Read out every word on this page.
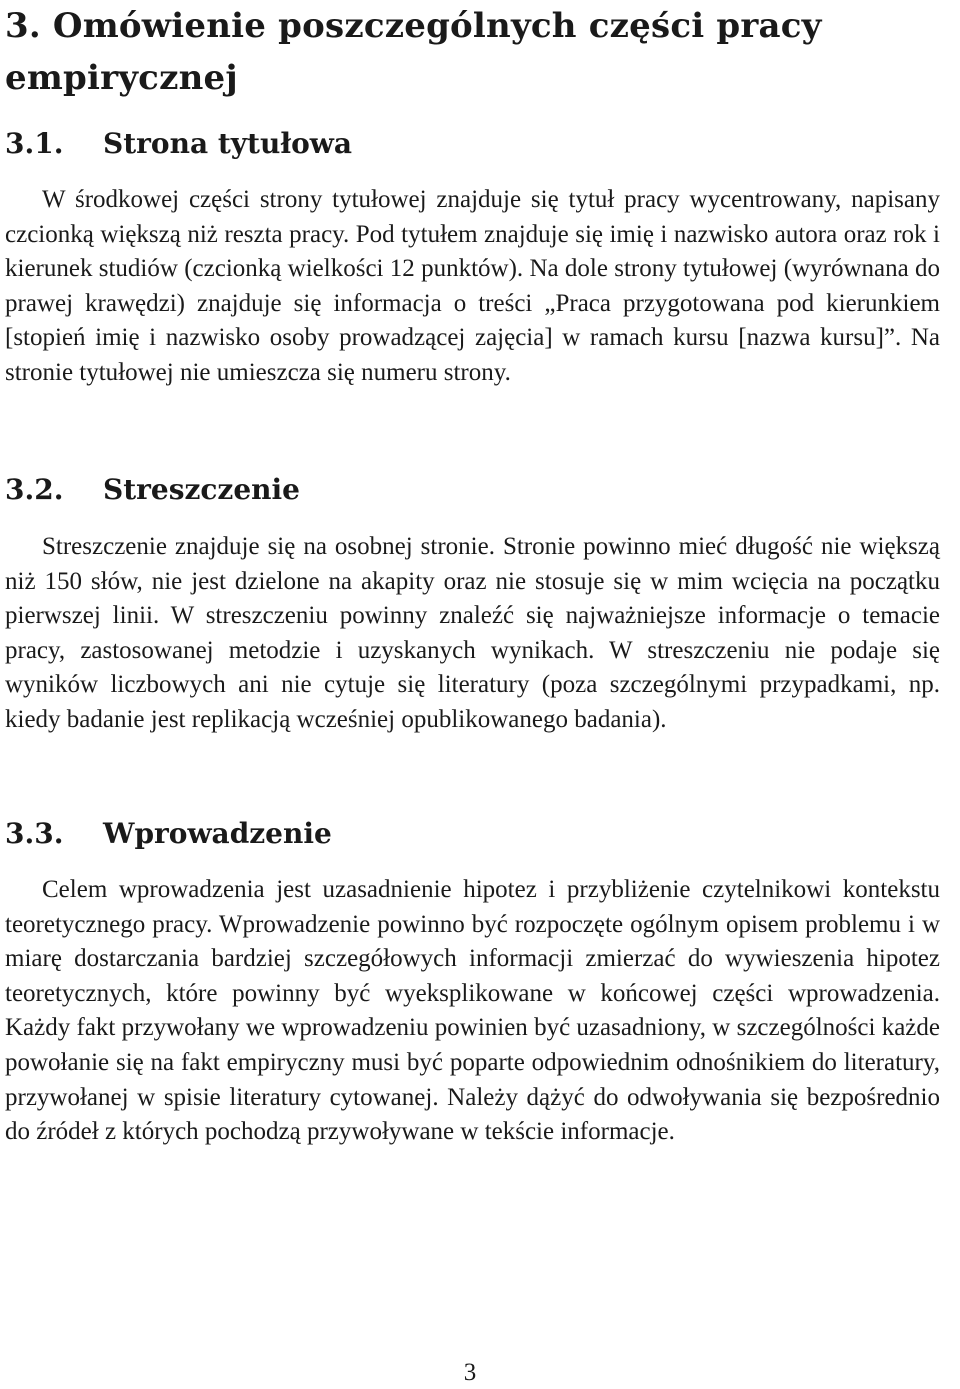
3. Omówienie poszczególnych części pracy empirycznej
3.1. Strona tytułowa

W środkowej części strony tytułowej znajduje się tytuł pracy wycentrowany, napisany czcionką większą niż reszta pracy. Pod tytułem znajduje się imię i nazwisko autora oraz rok i kierunek studiów (czcionką wielkości 12 punktów). Na dole strony tytułowej (wyrównana do prawej krawędzi) znajduje się informacja o treści „Praca przygotowana pod kierunkiem [stopień imię i nazwisko osoby prowadzącej zajęcia] w ramach kursu [nazwa kursu]”. Na stronie tytułowej nie umieszcza się numeru strony.

3.2. Streszczenie

Streszczenie znajduje się na osobnej stronie. Stronie powinno mieć długość nie większą niż 150 słów, nie jest dzielone na akapity oraz nie stosuje się w mim wcięcia na początku pierwszej linii. W streszczeniu powinny znaleźć się najważniejsze informacje o temacie pracy, zastosowanej metodzie i uzyskanych wynikach. W streszczeniu nie podaje się wyników liczbowych ani nie cytuje się literatury (poza szczególnymi przypadkami, np. kiedy badanie jest replikacją wcześniej opublikowanego badania).

3.3. Wprowadzenie

Celem wprowadzenia jest uzasadnienie hipotez i przybliżenie czytelnikowi kontekstu teoretycznego pracy. Wprowadzenie powinno być rozpoczęte ogólnym opisem problemu i w miarę dostarczania bardziej szczegółowych informacji zmierzać do wywieszenia hipotez teoretycznych, które powinny być wyeksplikowane w końcowej części wprowadzenia. Każdy fakt przywołany we wprowadzeniu powinien być uzasadniony, w szczególności każde powołanie się na fakt empiryczny musi być poparte odpowiednim odnośnikiem do literatury, przywołanej w spisie literatury cytowanej. Należy dążyć do odwoływania się bezpośrednio do źródeł z których pochodzą przywoływane w tekście informacje.

3
